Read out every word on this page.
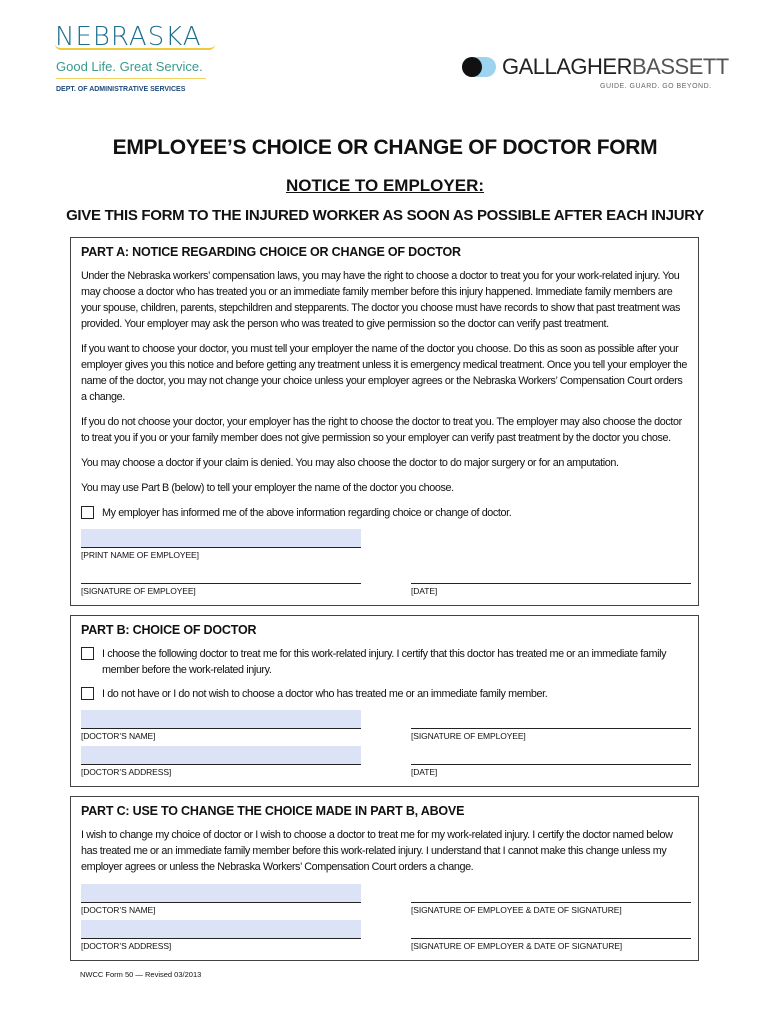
NEBRASKA
Good Life. Great Service.
DEPT. OF ADMINISTRATIVE SERVICES
GALLAGHERBASSETT
GUIDE. GUARD. GO BEYOND.
EMPLOYEE’S CHOICE OR CHANGE OF DOCTOR FORM
NOTICE TO EMPLOYER:
GIVE THIS FORM TO THE INJURED WORKER AS SOON AS POSSIBLE AFTER EACH INJURY
PART A: NOTICE REGARDING CHOICE OR CHANGE OF DOCTOR
Under the Nebraska workers’ compensation laws, you may have the right to choose a doctor to treat you for your work-related injury. You may choose a doctor who has treated you or an immediate family member before this injury happened. Immediate family members are your spouse, children, parents, stepchildren and stepparents. The doctor you choose must have records to show that past treatment was provided. Your employer may ask the person who was treated to give permission so the doctor can verify past treatment.
If you want to choose your doctor, you must tell your employer the name of the doctor you choose. Do this as soon as possible after your employer gives you this notice and before getting any treatment unless it is emergency medical treatment. Once you tell your employer the name of the doctor, you may not change your choice unless your employer agrees or the Nebraska Workers’ Compensation Court orders a change.
If you do not choose your doctor, your employer has the right to choose the doctor to treat you. The employer may also choose the doctor to treat you if you or your family member does not give permission so your employer can verify past treatment by the doctor you chose.
You may choose a doctor if your claim is denied. You may also choose the doctor to do major surgery or for an amputation.
You may use Part B (below) to tell your employer the name of the doctor you choose.
My employer has informed me of the above information regarding choice or change of doctor.
[PRINT NAME OF EMPLOYEE]
[SIGNATURE OF EMPLOYEE]	[DATE]
PART B: CHOICE OF DOCTOR
I choose the following doctor to treat me for this work-related injury. I certify that this doctor has treated me or an immediate family member before the work-related injury.
I do not have or I do not wish to choose a doctor who has treated me or an immediate family member.
[DOCTOR’S NAME]	[SIGNATURE OF EMPLOYEE]
[DOCTOR’S ADDRESS]	[DATE]
PART C: USE TO CHANGE THE CHOICE MADE IN PART B, ABOVE
I wish to change my choice of doctor or I wish to choose a doctor to treat me for my work-related injury. I certify the doctor named below has treated me or an immediate family member before this work-related injury. I understand that I cannot make this change unless my employer agrees or unless the Nebraska Workers’ Compensation Court orders a change.
[DOCTOR’S NAME]	[SIGNATURE OF EMPLOYEE & DATE OF SIGNATURE]
[DOCTOR’S ADDRESS]	[SIGNATURE OF EMPLOYER & DATE OF SIGNATURE]
NWCC Form 50 — Revised 03/2013
